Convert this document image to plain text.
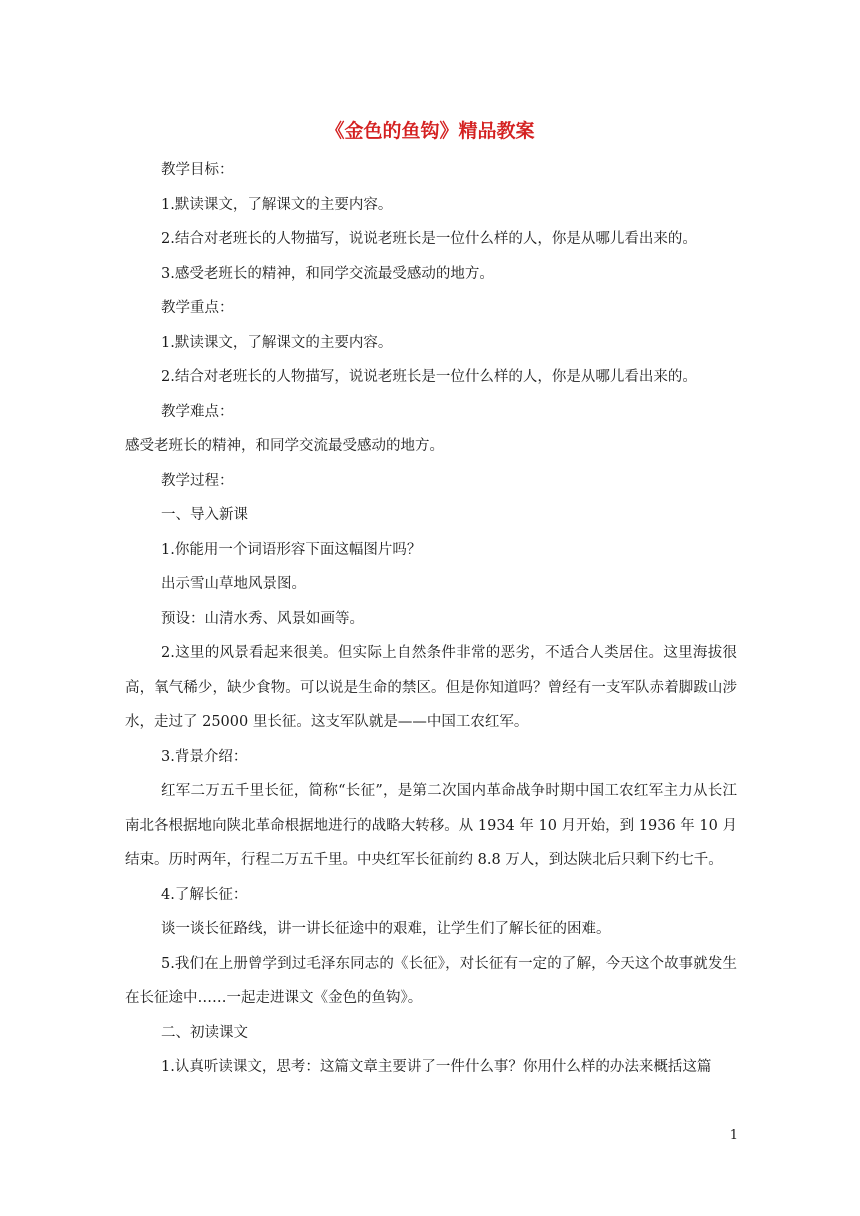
《金色的鱼钩》精品教案

教学目标：

1.默读课文，了解课文的主要内容。

2.结合对老班长的人物描写，说说老班长是一位什么样的人，你是从哪儿看出来的。

3.感受老班长的精神，和同学交流最受感动的地方。

教学重点：

1.默读课文，了解课文的主要内容。

2.结合对老班长的人物描写，说说老班长是一位什么样的人，你是从哪儿看出来的。

教学难点：

感受老班长的精神，和同学交流最受感动的地方。

教学过程：

一、导入新课

1.你能用一个词语形容下面这幅图片吗？

出示雪山草地风景图。

预设：山清水秀、风景如画等。

2.这里的风景看起来很美。但实际上自然条件非常的恶劣，不适合人类居住。这里海拔很高，氧气稀少，缺少食物。可以说是生命的禁区。但是你知道吗？曾经有一支军队赤着脚跋山涉水，走过了 25000 里长征。这支军队就是——中国工农红军。

3.背景介绍：

红军二万五千里长征，简称“长征”，是第二次国内革命战争时期中国工农红军主力从长江南北各根据地向陕北革命根据地进行的战略大转移。从 1934 年 10 月开始，到 1936 年 10 月结束。历时两年，行程二万五千里。中央红军长征前约 8.8 万人，到达陕北后只剩下约七千。

4.了解长征：

谈一谈长征路线，讲一讲长征途中的艰难，让学生们了解长征的困难。

5.我们在上册曾学到过毛泽东同志的《长征》，对长征有一定的了解，今天这个故事就发生在长征途中……一起走进课文《金色的鱼钩》。

二、初读课文

1.认真听读课文，思考：这篇文章主要讲了一件什么事？你用什么样的办法来概括这篇

1
